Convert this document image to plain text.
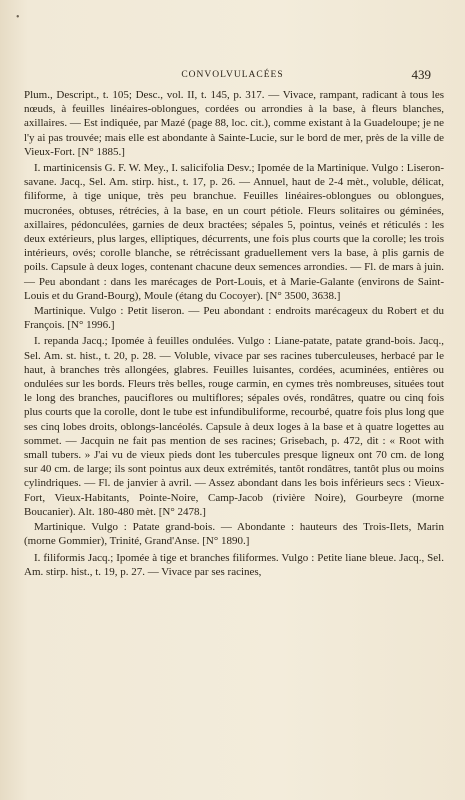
•
CONVOLVULACÉES	439

Plum., Descript., t. 105; Desc., vol. II, t. 145, p. 317. — Vivace, rampant, radicant à tous les nœuds, à feuilles linéaires-oblongues, cordées ou arrondies à la base, à fleurs blanches, axillaires. — Est indiquée, par Mazé (page 88, loc. cit.), comme existant à la Guadeloupe; je ne l'y ai pas trouvée; mais elle est abondante à Sainte-Lucie, sur le bord de mer, près de la ville de Vieux-Fort. [N° 1885.]

I. martinicensis G. F. W. Mey., I. salicifolia Desv.; Ipomée de la Martinique. Vulgo : Liseron-savane. Jacq., Sel. Am. stirp. hist., t. 17, p. 26. — Annuel, haut de 2-4 mèt., voluble, délicat, filiforme, à tige unique, très peu branchue. Feuilles linéaires-oblongues ou oblongues, mucronées, obtuses, rétrécies, à la base, en un court pétiole. Fleurs solitaires ou géminées, axillaires, pédonculées, garnies de deux bractées; sépales 5, pointus, veinés et réticulés : les deux extérieurs, plus larges, elliptiques, décurrents, une fois plus courts que la corolle; les trois intérieurs, ovés; corolle blanche, se rétrécissant graduellement vers la base, à plis garnis de poils. Capsule à deux loges, contenant chacune deux semences arrondies. — Fl. de mars à juin. — Peu abondant : dans les marécages de Port-Louis, et à Marie-Galante (environs de Saint-Louis et du Grand-Bourg), Moule (étang du Cocoyer). [N° 3500, 3638.]

Martinique. Vulgo : Petit liseron. — Peu abondant : endroits marécageux du Robert et du François. [N° 1996.]

I. repanda Jacq.; Ipomée à feuilles ondulées. Vulgo : Liane-patate, patate grand-bois. Jacq., Sel. Am. st. hist., t. 20, p. 28. — Voluble, vivace par ses racines tuberculeuses, herbacé par le haut, à branches très allongées, glabres. Feuilles luisantes, cordées, acuminées, entières ou ondulées sur les bords. Fleurs très belles, rouge carmin, en cymes très nombreuses, situées tout le long des branches, pauciflores ou multiflores; sépales ovés, rondâtres, quatre ou cinq fois plus courts que la corolle, dont le tube est infundibuliforme, recourbé, quatre fois plus long que ses cinq lobes droits, oblongs-lancéolés. Capsule à deux loges à la base et à quatre logettes au sommet. — Jacquin ne fait pas mention de ses racines; Grisebach, p. 472, dit : « Root with small tubers. » J'ai vu de vieux pieds dont les tubercules presque ligneux ont 70 cm. de long sur 40 cm. de large; ils sont pointus aux deux extrémités, tantôt rondâtres, tantôt plus ou moins cylindriques. — Fl. de janvier à avril. — Assez abondant dans les bois inférieurs secs : Vieux-Fort, Vieux-Habitants, Pointe-Noire, Camp-Jacob (rivière Noire), Gourbeyre (morne Boucanier). Alt. 180-480 mèt. [N° 2478.]

Martinique. Vulgo : Patate grand-bois. — Abondante : hauteurs des Trois-Ilets, Marin (morne Gommier), Trinité, Grand'Anse. [N° 1890.]

I. filiformis Jacq.; Ipomée à tige et branches filiformes. Vulgo : Petite liane bleue. Jacq., Sel. Am. stirp. hist., t. 19, p. 27. — Vivace par ses racines,
